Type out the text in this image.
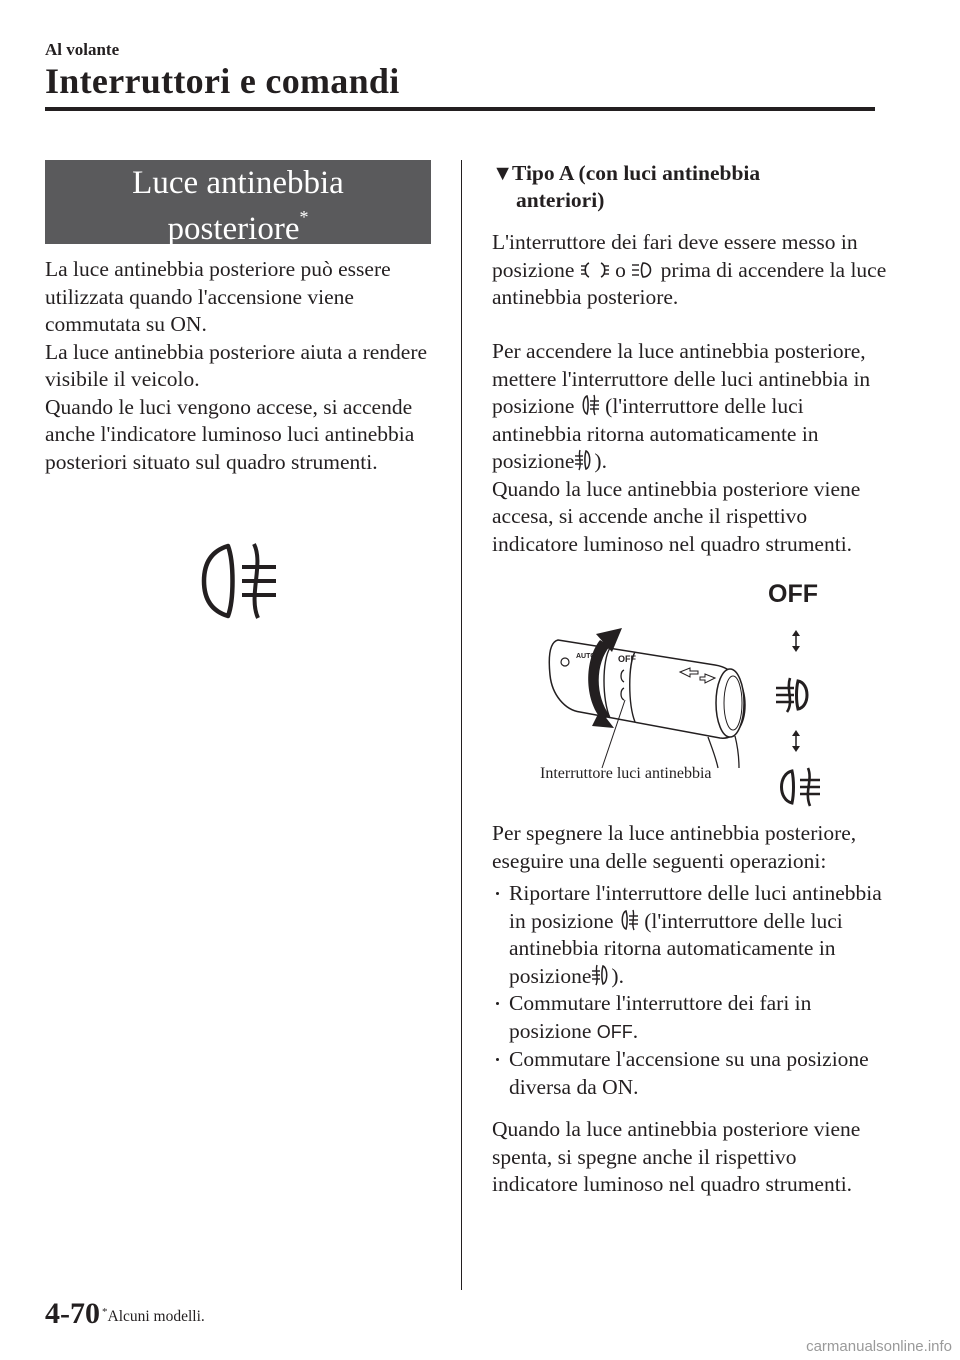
Al volante
Interruttori e comandi
Luce antinebbia
posteriore*

La luce antinebbia posteriore può essere utilizzata quando l'accensione viene commutata su ON.

La luce antinebbia posteriore aiuta a rendere visibile il veicolo.

Quando le luci vengono accese, si accende anche l'indicatore luminoso luci antinebbia posteriori situato sul quadro strumenti.

▼Tipo A (con luci antinebbia
anteriori)
L'interruttore dei fari deve essere messo in posizione o prima di accendere la luce antinebbia posteriore.

Per accendere la luce antinebbia posteriore, mettere l'interruttore delle luci antinebbia in posizione (l'interruttore delle luci antinebbia ritorna automaticamente in posizione ).

Quando la luce antinebbia posteriore viene accesa, si accende anche il rispettivo indicatore luminoso nel quadro strumenti.

OFF
AUTO
Interruttore luci antinebbia
OFF
Per spegnere la luce antinebbia posteriore, eseguire una delle seguenti operazioni:
Riportare l'interruttore delle luci antinebbia in posizione (l'interruttore delle luci antinebbia ritorna automaticamente in posizione ).
Commutare l'interruttore dei fari in posizione OFF.
Commutare l'accensione su una posizione diversa da ON.
Quando la luce antinebbia posteriore viene spenta, si spegne anche il rispettivo indicatore luminoso nel quadro strumenti.
4-70 *Alcuni modelli.
carmanualsonline.info
